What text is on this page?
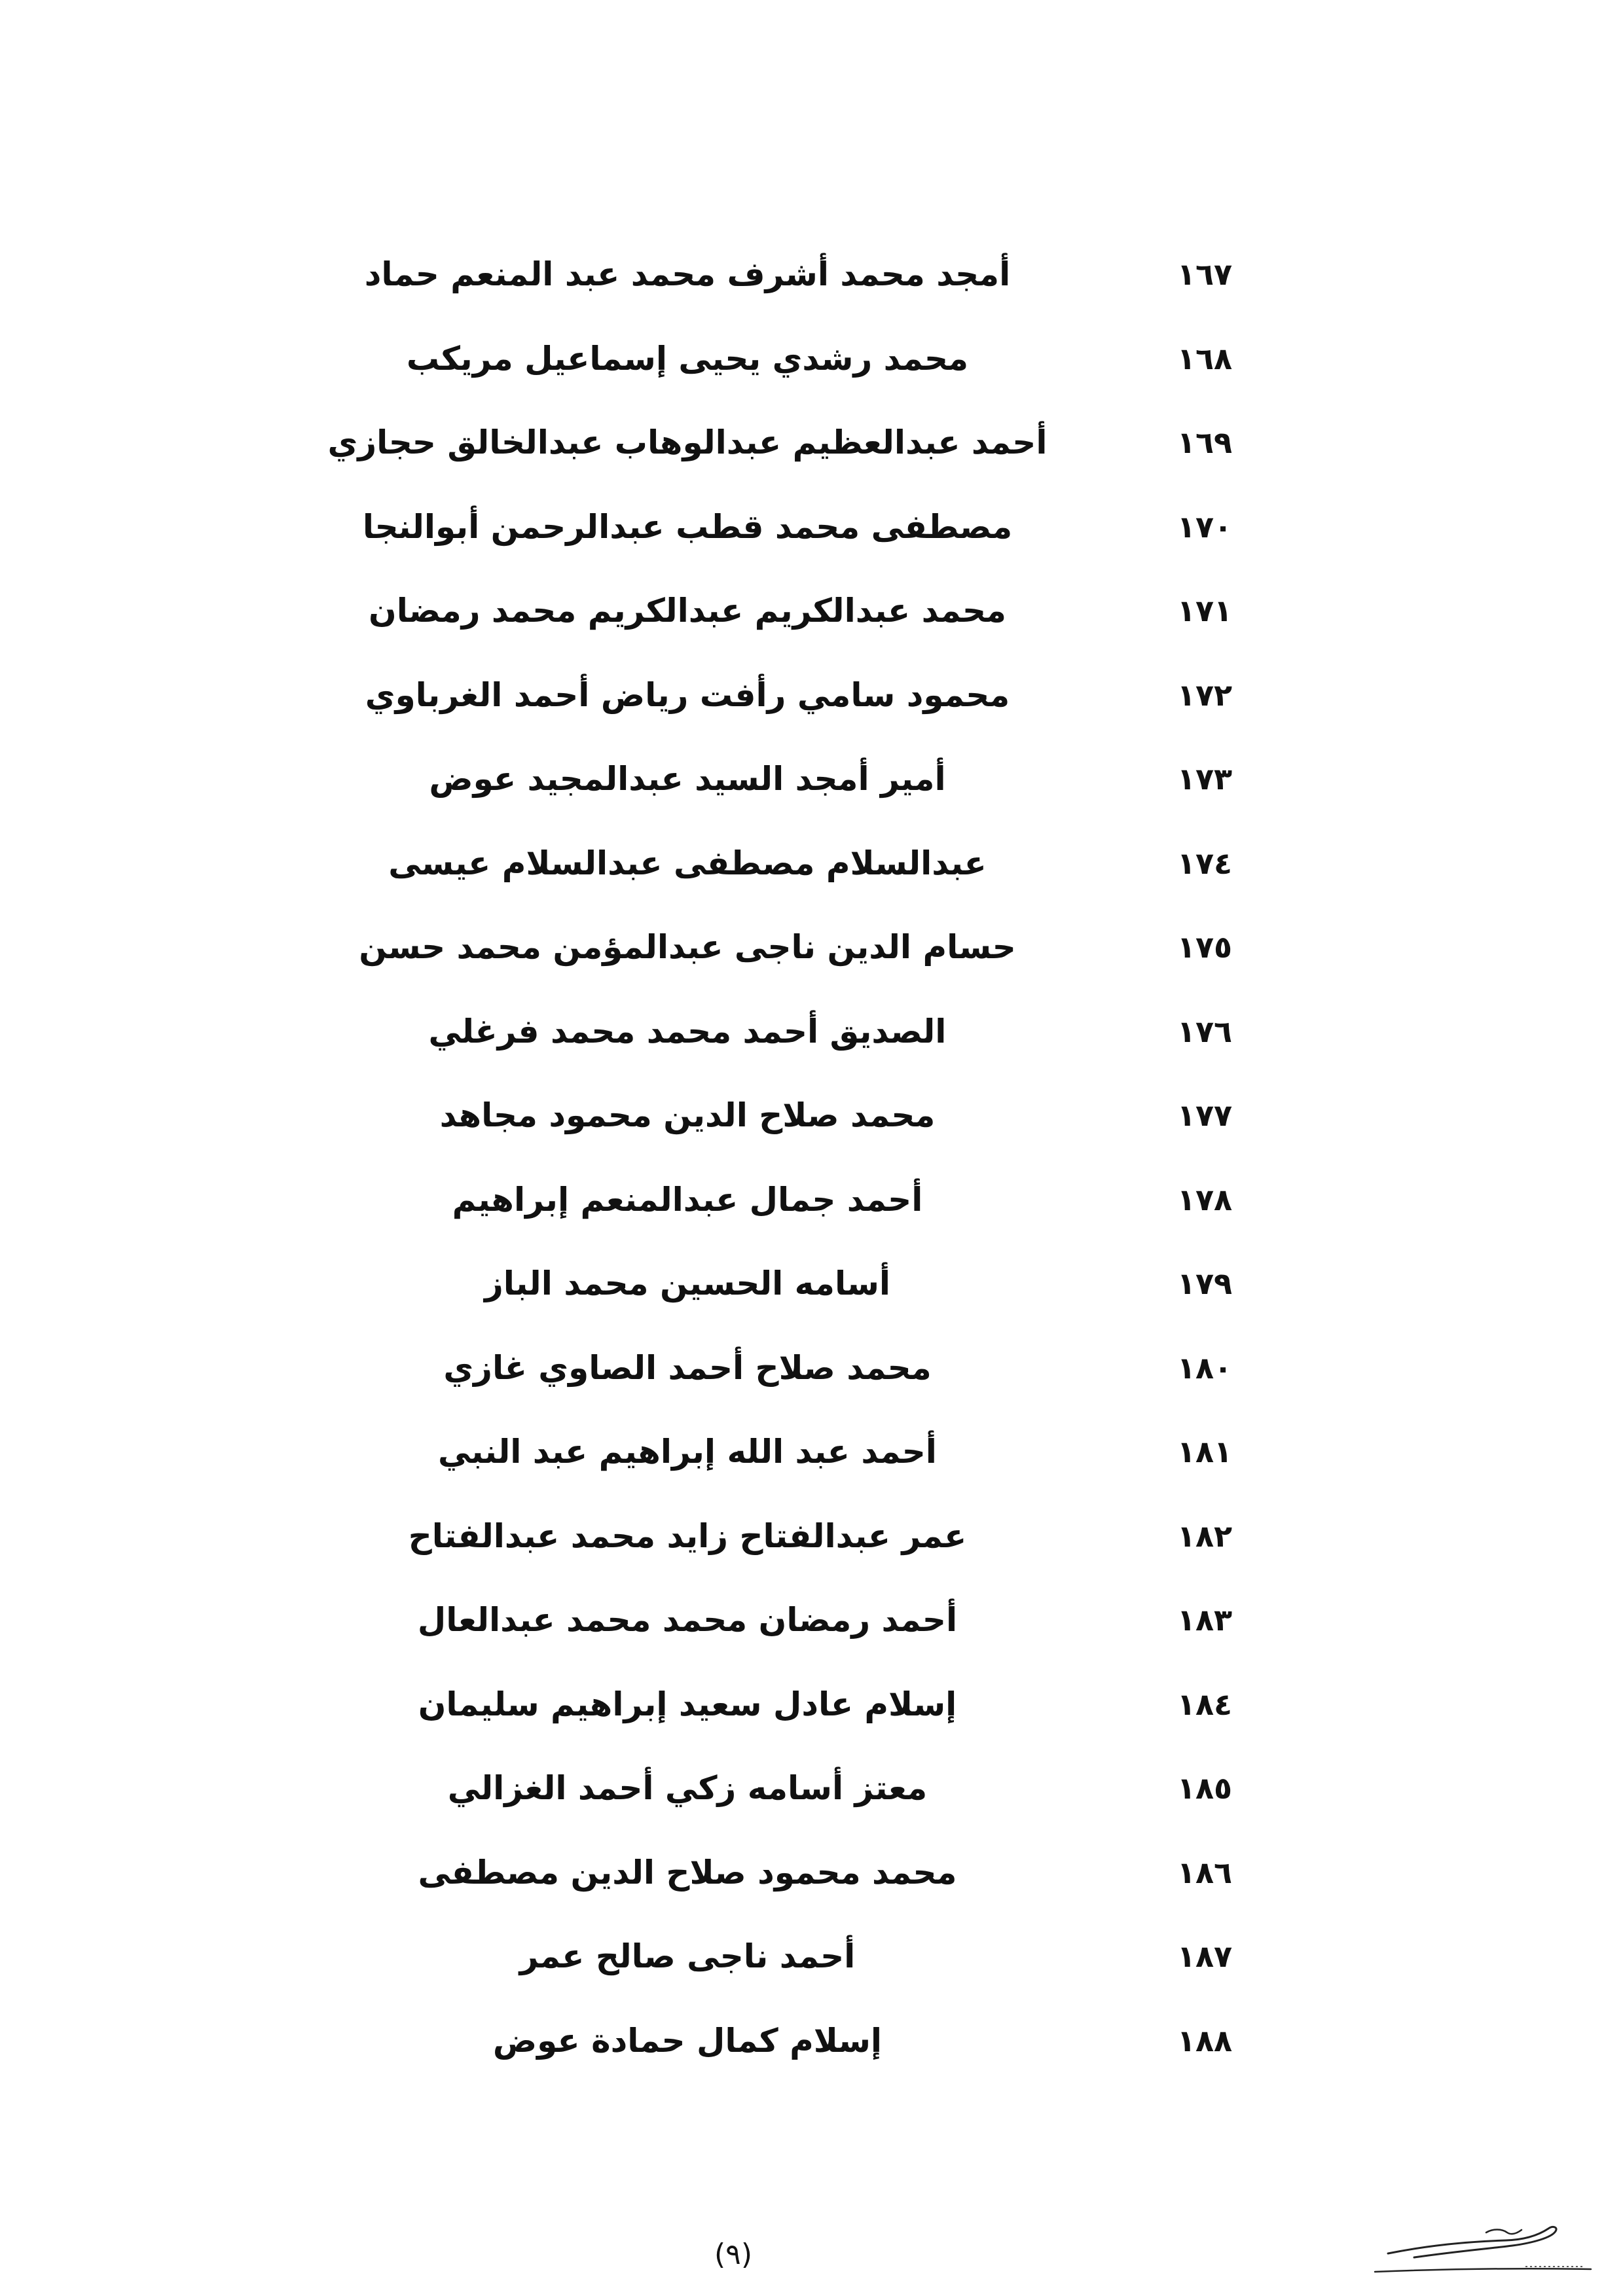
١٦٧
أمجد محمد أشرف محمد عبد المنعم حماد
١٦٨
محمد رشدي يحيى إسماعيل مريكب
١٦٩
أحمد عبدالعظيم عبدالوهاب عبدالخالق حجازي
١٧٠
مصطفى محمد قطب عبدالرحمن أبوالنجا
١٧١
محمد عبدالكريم عبدالكريم محمد رمضان
١٧٢
محمود سامي رأفت رياض أحمد الغرباوي
١٧٣
أمير أمجد السيد عبدالمجيد عوض
١٧٤
عبدالسلام مصطفى عبدالسلام عيسى
١٧٥
حسام الدين ناجى عبدالمؤمن محمد حسن
١٧٦
الصديق أحمد محمد محمد فرغلي
١٧٧
محمد صلاح الدين محمود مجاهد
١٧٨
أحمد جمال عبدالمنعم إبراهيم
١٧٩
أسامه الحسين محمد الباز
١٨٠
محمد صلاح أحمد الصاوي غازي
١٨١
أحمد عبد الله إبراهيم عبد النبي
١٨٢
عمر عبدالفتاح زايد محمد عبدالفتاح
١٨٣
أحمد رمضان محمد محمد عبدالعال
١٨٤
إسلام عادل سعيد إبراهيم سليمان
١٨٥
معتز أسامه زكي أحمد الغزالي
١٨٦
محمد محمود صلاح الدين مصطفى
١٨٧
أحمد ناجى صالح عمر
١٨٨
إسلام كمال حمادة عوض
(٩)
